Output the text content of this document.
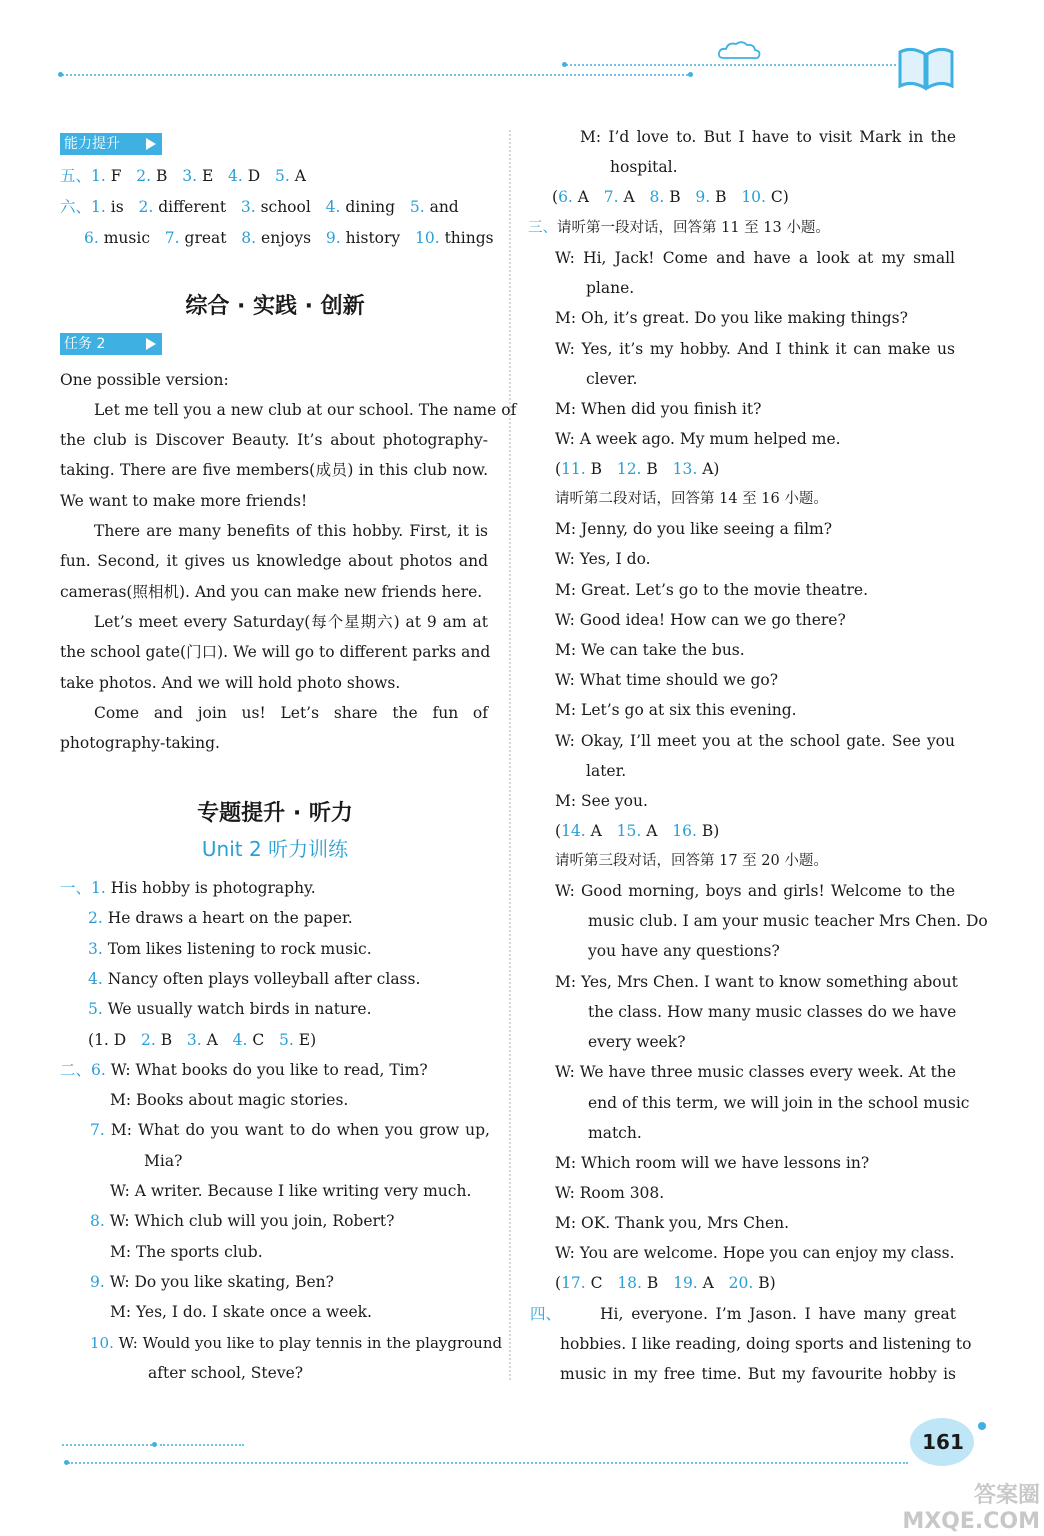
能力提升
五、1. F 2. B 3. E 4. D 5. A
六、1. is 2. different 3. school 4. dining 5. and
6. music 7. great 8. enjoys 9. history 10. things
综合 · 实践 · 创新
任务 2
One possible version:
Let me tell you a new club at our school. The name of
the club is Discover Beauty. It’s about photography-
taking. There are five members(成员) in this club now.
We want to make more friends!
There are many benefits of this hobby. First, it is
fun. Second, it gives us knowledge about photos and
cameras(照相机). And you can make new friends here.
Let’s meet every Saturday(每个星期六) at 9 am at
the school gate(门口). We will go to different parks and
take photos. And we will hold photo shows.
Come and join us! Let’s share the fun of
photography-taking.
专题提升 · 听力
Unit 2 听力训练
一、1. His hobby is photography.
2. He draws a heart on the paper.
3. Tom likes listening to rock music.
4. Nancy often plays volleyball after class.
5. We usually watch birds in nature.
(1. D 2. B 3. A 4. C 5. E)
二、6. W: What books do you like to read, Tim?
M: Books about magic stories.
7. M: What do you want to do when you grow up,
Mia?
W: A writer. Because I like writing very much.
8. W: Which club will you join, Robert?
M: The sports club.
9. W: Do you like skating, Ben?
M: Yes, I do. I skate once a week.
10. W: Would you like to play tennis in the playground
after school, Steve?
M: I’d love to. But I have to visit Mark in the
hospital.
(6. A 7. A 8. B 9. B 10. C)
三、请听第一段对话，回答第 11 至 13 小题。
W: Hi, Jack! Come and have a look at my small
plane.
M: Oh, it’s great. Do you like making things?
W: Yes, it’s my hobby. And I think it can make us
clever.
M: When did you finish it?
W: A week ago. My mum helped me.
(11. B 12. B 13. A)
请听第二段对话，回答第 14 至 16 小题。
M: Jenny, do you like seeing a film?
W: Yes, I do.
M: Great. Let’s go to the movie theatre.
W: Good idea! How can we go there?
M: We can take the bus.
W: What time should we go?
M: Let’s go at six this evening.
W: Okay, I’ll meet you at the school gate. See you
later.
M: See you.
(14. A 15. A 16. B)
请听第三段对话，回答第 17 至 20 小题。
W: Good morning, boys and girls! Welcome to the
music club. I am your music teacher Mrs Chen. Do
you have any questions?
M: Yes, Mrs Chen. I want to know something about
the class. How many music classes do we have
every week?
W: We have three music classes every week. At the
end of this term, we will join in the school music
match.
M: Which room will we have lessons in?
W: Room 308.
M: OK. Thank you, Mrs Chen.
W: You are welcome. Hope you can enjoy my class.
(17. C 18. B 19. A 20. B)
四、	Hi, everyone. I’m Jason. I have many great
hobbies. I like reading, doing sports and listening to
music in my free time. But my favourite hobby is
161
答案圈 MXQE.COM
